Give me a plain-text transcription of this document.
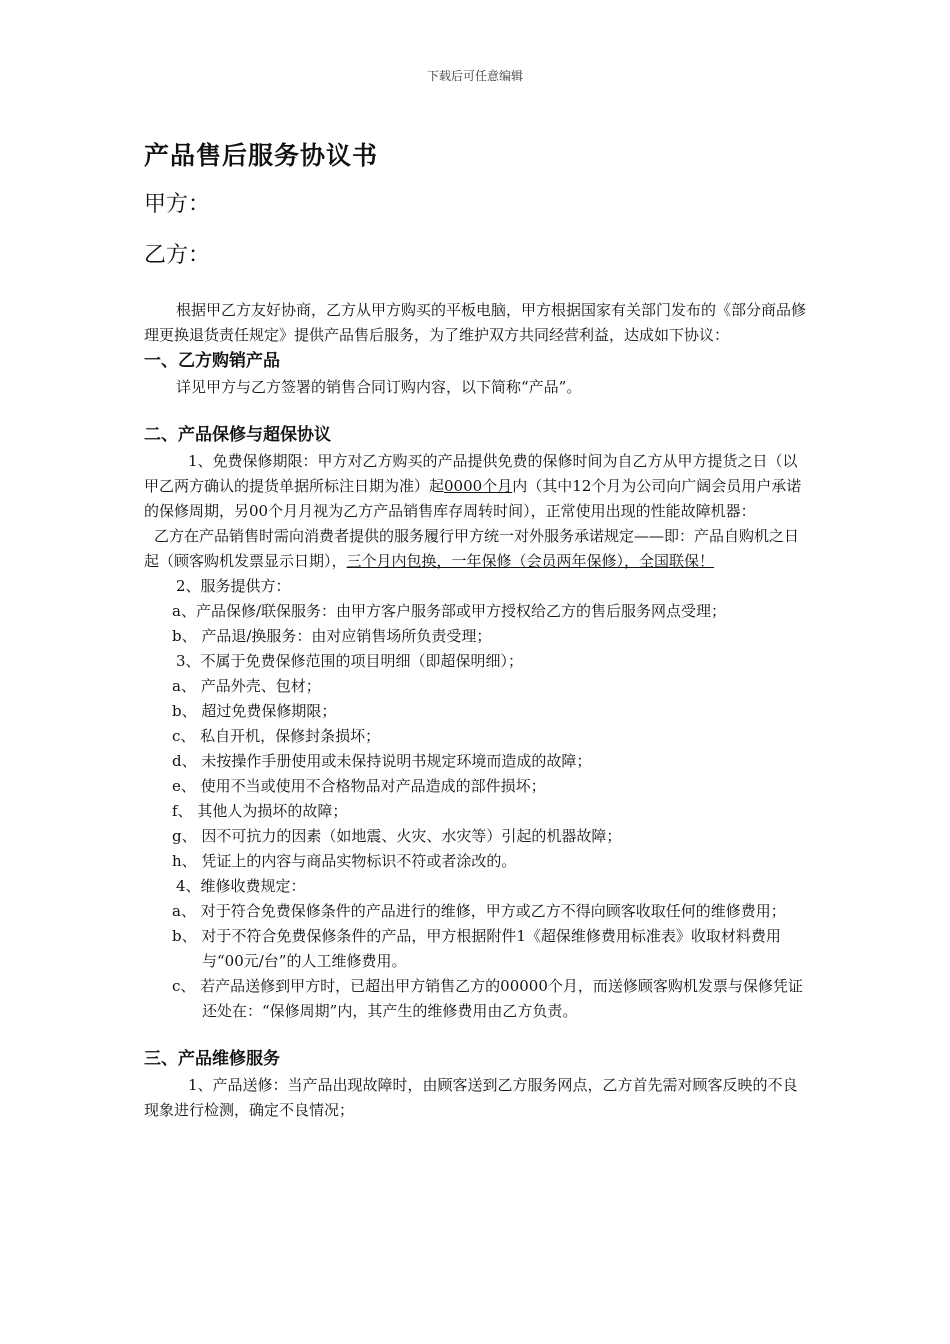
下载后可任意编辑
产品售后服务协议书
甲方：
乙方：

根据甲乙方友好协商，乙方从甲方购买的平板电脑，甲方根据国家有关部门发布的《部分商品修理更换退货责任规定》提供产品售后服务，为了维护双方共同经营利益，达成如下协议：

一、乙方购销产品

详见甲方与乙方签署的销售合同订购内容，以下简称“产品”。

二、产品保修与超保协议

1、免费保修期限：甲方对乙方购买的产品提供免费的保修时间为自乙方从甲方提货之日（以甲乙两方确认的提货单据所标注日期为准）起0000个月内（其中12个月为公司向广阔会员用户承诺的保修周期，另00个月月视为乙方产品销售库存周转时间），正常使用出现的性能故障机器：

乙方在产品销售时需向消费者提供的服务履行甲方统一对外服务承诺规定——即：产品自购机之日起（顾客购机发票显示日期），三个月内包换，一年保修（会员两年保修），全国联保！

2、服务提供方：

a、产品保修/联保服务：由甲方客户服务部或甲方授权给乙方的售后服务网点受理；

b、 产品退/换服务：由对应销售场所负责受理；

3、不属于免费保修范围的项目明细（即超保明细）；

a、 产品外壳、包材；

b、 超过免费保修期限；

c、 私自开机，保修封条损坏；

d、 未按操作手册使用或未保持说明书规定环境而造成的故障；

e、 使用不当或使用不合格物品对产品造成的部件损坏；

f、 其他人为损坏的故障；

g、 因不可抗力的因素（如地震、火灾、水灾等）引起的机器故障；

h、 凭证上的内容与商品实物标识不符或者涂改的。

4、维修收费规定：

a、 对于符合免费保修条件的产品进行的维修，甲方或乙方不得向顾客收取任何的维修费用；

b、 对于不符合免费保修条件的产品，甲方根据附件1《超保维修费用标准表》收取材料费用与“00元/台”的人工维修费用。

c、 若产品送修到甲方时，已超出甲方销售乙方的00000个月，而送修顾客购机发票与保修凭证还处在：“保修周期”内，其产生的维修费用由乙方负责。

三、产品维修服务

1、产品送修：当产品出现故障时，由顾客送到乙方服务网点，乙方首先需对顾客反映的不良现象进行检测，确定不良情况；
